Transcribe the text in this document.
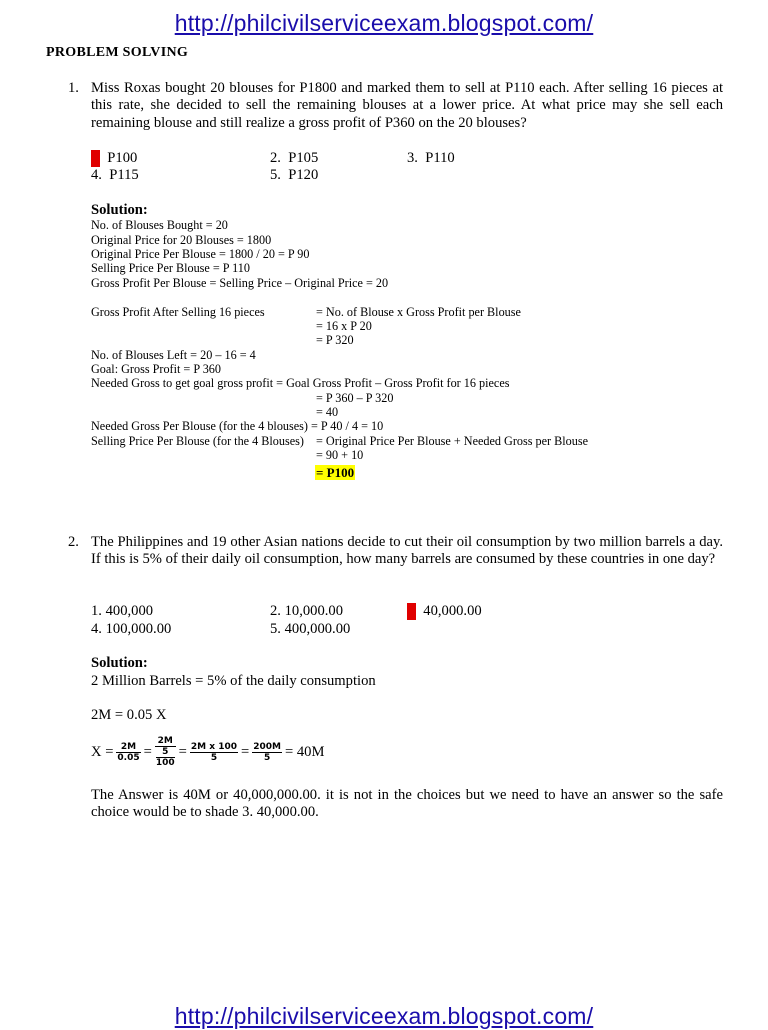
http://philcivilserviceexam.blogspot.com/
PROBLEM SOLVING
1. Miss Roxas bought 20 blouses for P1800 and marked them to sell at P110 each. After selling 16 pieces at this rate, she decided to sell the remaining blouses at a lower price. At what price may she sell each remaining blouse and still realize a gross profit of P360 on the 20 blouses?
1 P100	2. P105	3. P110
4. P115	5. P120
Solution:
No. of Blouses Bought = 20
Original Price for 20 Blouses = 1800
Original Price Per Blouse = 1800 / 20 = P 90
Selling Price Per Blouse = P 110
Gross Profit Per Blouse = Selling Price – Original Price = 20
Gross Profit After Selling 16 pieces	= No. of Blouse x Gross Profit per Blouse
= 16 x P 20
= P 320
No. of Blouses Left = 20 – 16 = 4
Goal: Gross Profit = P 360
Needed Gross to get goal gross profit = Goal Gross Profit – Gross Profit for 16 pieces
= P 360 – P 320
= 40
Needed Gross Per Blouse (for the 4 blouses) = P 40 / 4 = 10
Selling Price Per Blouse (for the 4 Blouses) = Original Price Per Blouse + Needed Gross per Blouse
= 90 + 10
= P100
2. The Philippines and 19 other Asian nations decide to cut their oil consumption by two million barrels a day. If this is 5% of their daily oil consumption, how many barrels are consumed by these countries in one day?
1. 400,000	2. 10,000.00	3 40,000.00
4. 100,000.00	5. 400,000.00
Solution:
2 Million Barrels = 5% of the daily consumption
2M = 0.05 X
$X = \frac{2M}{0.05} = 2M$
5
$100 = \frac{\text{2M x 100}}{5} = \frac{200M}{5} = 40M$
The Answer is 40M or 40,000,000.00. it is not in the choices but we need to have an answer so the safe choice would be to shade 3. 40,000.00.
http://philcivilserviceexam.blogspot.com/
